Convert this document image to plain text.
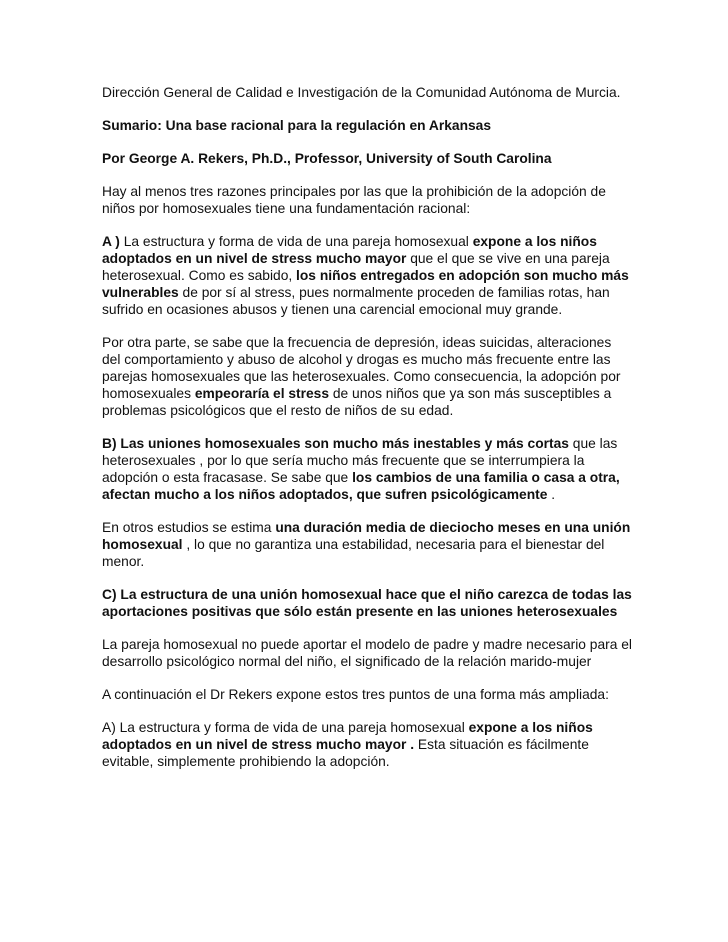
Dirección General de Calidad e Investigación de la Comunidad Autónoma de Murcia.

Sumario: Una base racional para la regulación en Arkansas

Por George A. Rekers, Ph.D., Professor, University of South Carolina

Hay al menos tres razones principales por las que la prohibición de la adopción de niños por homosexuales tiene una fundamentación racional:

A ) La estructura y forma de vida de una pareja homosexual expone a los niños adoptados en un nivel de stress mucho mayor que el que se vive en una pareja heterosexual. Como es sabido, los niños entregados en adopción son mucho más vulnerables de por sí al stress, pues normalmente proceden de familias rotas, han sufrido en ocasiones abusos y tienen una carencial emocional muy grande.

Por otra parte, se sabe que la frecuencia de depresión, ideas suicidas, alteraciones del comportamiento y abuso de alcohol y drogas es mucho más frecuente entre las parejas homosexuales que las heterosexuales. Como consecuencia, la adopción por homosexuales empeoraría el stress de unos niños que ya son más susceptibles a problemas psicológicos que el resto de niños de su edad.

B) Las uniones homosexuales son mucho más inestables y más cortas que las heterosexuales , por lo que sería mucho más frecuente que se interrumpiera la adopción o esta fracasase. Se sabe que los cambios de una familia o casa a otra, afectan mucho a los niños adoptados, que sufren psicológicamente .

En otros estudios se estima una duración media de dieciocho meses en una unión homosexual , lo que no garantiza una estabilidad, necesaria para el bienestar del menor.

C) La estructura de una unión homosexual hace que el niño carezca de todas las aportaciones positivas que sólo están presente en las uniones heterosexuales

La pareja homosexual no puede aportar el modelo de padre y madre necesario para el desarrollo psicológico normal del niño, el significado de la relación marido-mujer

A continuación el Dr Rekers expone estos tres puntos de una forma más ampliada:

A) La estructura y forma de vida de una pareja homosexual expone a los niños adoptados en un nivel de stress mucho mayor . Esta situación es fácilmente evitable, simplemente prohibiendo la adopción.
